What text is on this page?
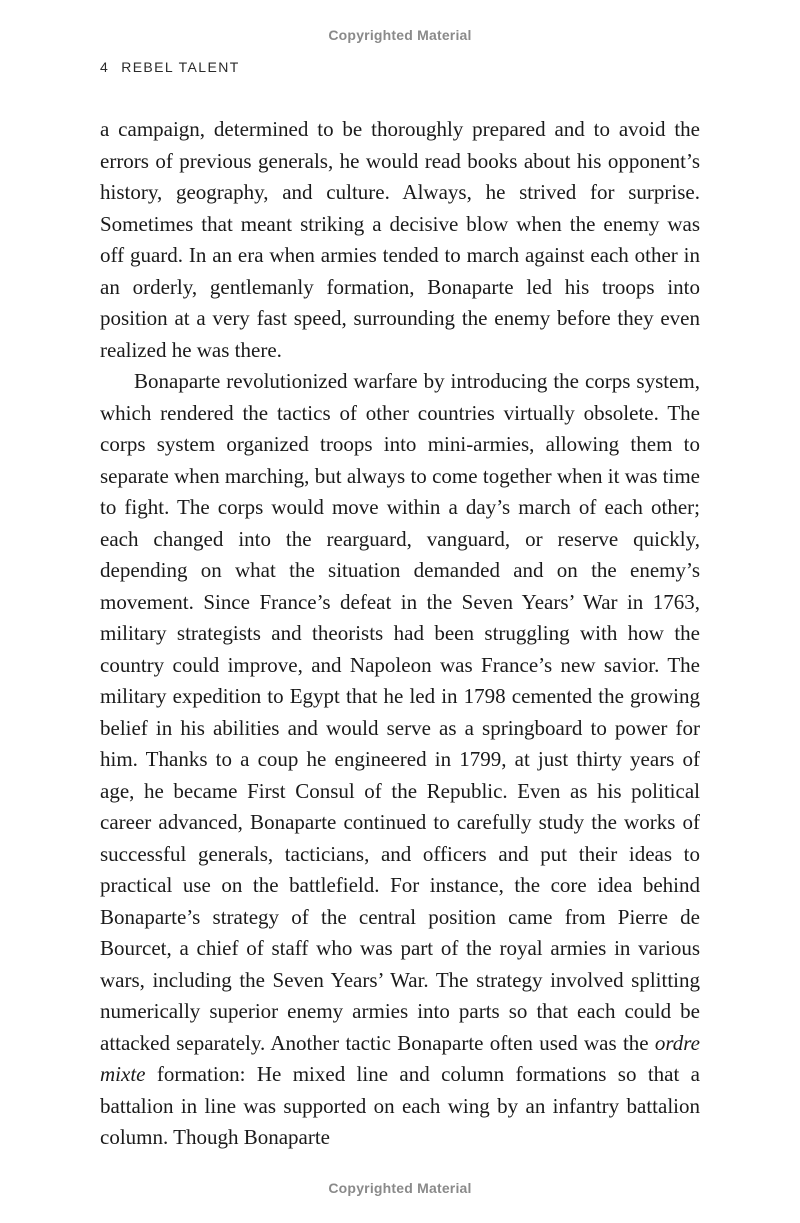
Copyrighted Material
4 REBEL TALENT

a campaign, determined to be thoroughly prepared and to avoid the errors of previous generals, he would read books about his opponent’s history, geography, and culture. Always, he strived for surprise. Sometimes that meant striking a decisive blow when the enemy was off guard. In an era when armies tended to march against each other in an orderly, gentlemanly formation, Bonaparte led his troops into position at a very fast speed, surrounding the enemy before they even realized he was there.

Bonaparte revolutionized warfare by introducing the corps system, which rendered the tactics of other countries virtually obsolete. The corps system organized troops into mini-armies, allowing them to separate when marching, but always to come together when it was time to fight. The corps would move within a day’s march of each other; each changed into the rearguard, vanguard, or reserve quickly, depending on what the situation demanded and on the enemy’s movement. Since France’s defeat in the Seven Years’ War in 1763, military strategists and theorists had been struggling with how the country could improve, and Napoleon was France’s new savior. The military expedition to Egypt that he led in 1798 cemented the growing belief in his abilities and would serve as a springboard to power for him. Thanks to a coup he engineered in 1799, at just thirty years of age, he became First Consul of the Republic. Even as his political career advanced, Bonaparte continued to carefully study the works of successful generals, tacticians, and officers and put their ideas to practical use on the battlefield. For instance, the core idea behind Bonaparte’s strategy of the central position came from Pierre de Bourcet, a chief of staff who was part of the royal armies in various wars, including the Seven Years’ War. The strategy involved splitting numerically superior enemy armies into parts so that each could be attacked separately. Another tactic Bonaparte often used was the ordre mixte formation: He mixed line and column formations so that a battalion in line was supported on each wing by an infantry battalion column. Though Bonaparte

Copyrighted Material
